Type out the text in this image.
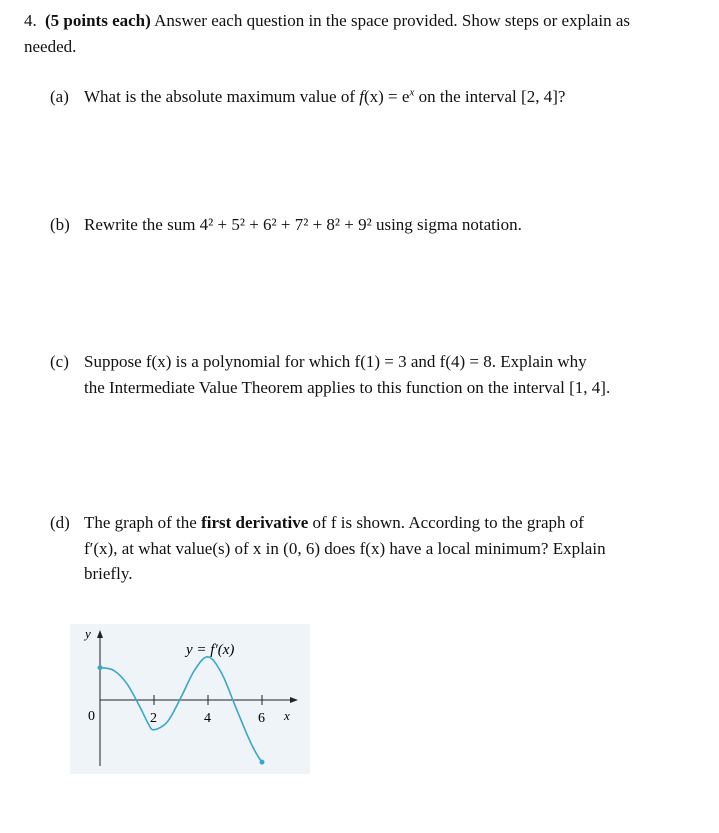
4. (5 points each) Answer each question in the space provided. Show steps or explain as needed.
(a) What is the absolute maximum value of $f(x) = e^x$ on the interval [2, 4]?
(b) Rewrite the sum 4² + 5² + 6² + 7² + 8² + 9² using sigma notation.
(c) Suppose f(x) is a polynomial for which f(1) = 3 and f(4) = 8. Explain why
the Intermediate Value Theorem applies to this function on the interval [1, 4].
(d) The graph of the first derivative of f is shown. According to the graph of
f′(x), at what value(s) of x in (0, 6) does f(x) have a local minimum? Explain
briefly.
2	4	6
y
x
0
y = f′(x)
